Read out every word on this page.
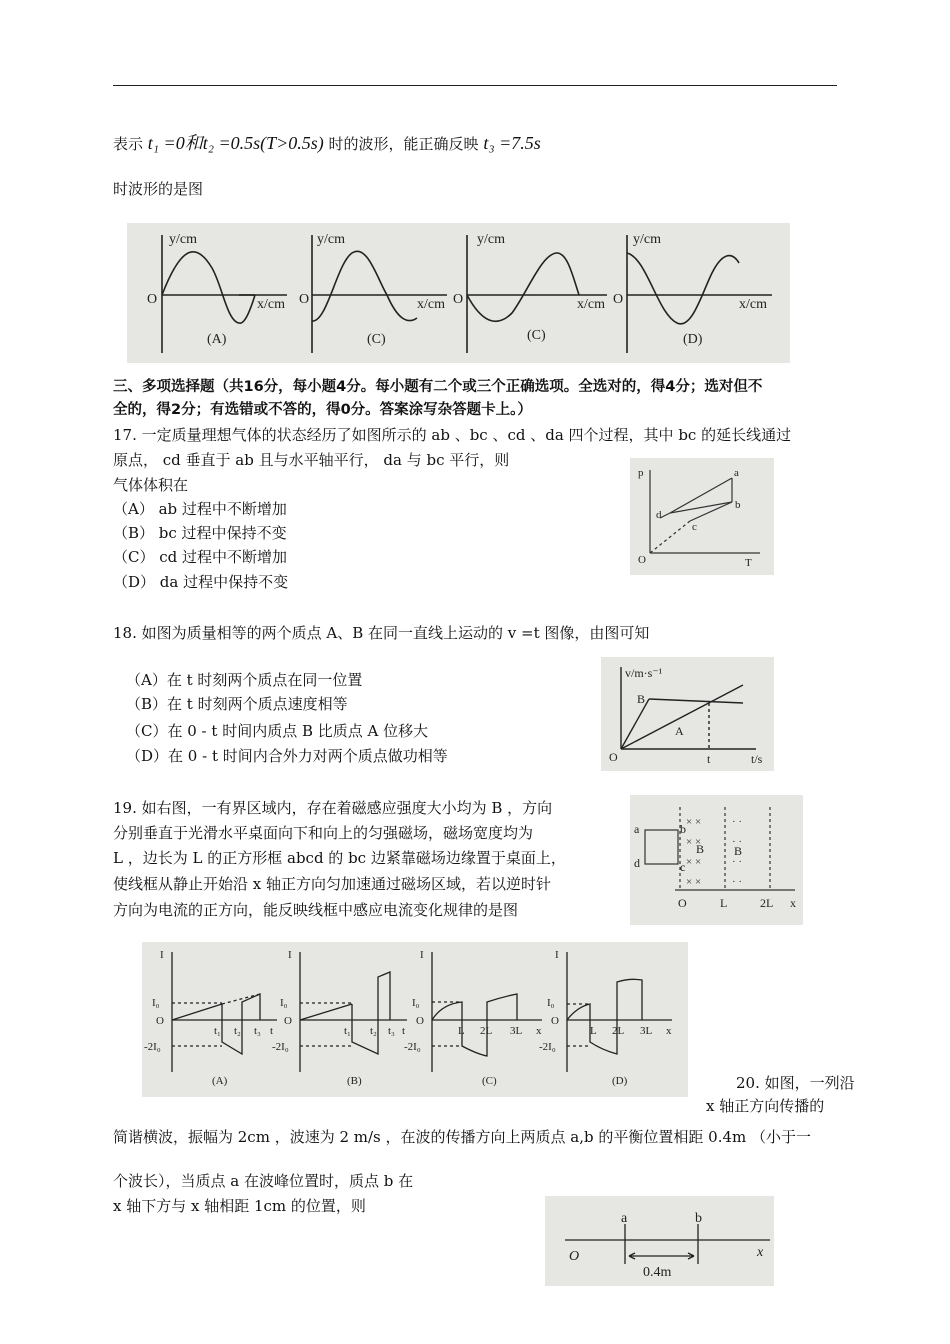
表示 t₁ =0和t₂ =0.5s(T>0.5s) 时的波形，能正确反映 t₃ =7.5s
时波形的是图
y/cm
O	x/cm
(A)
y/cm
O	x/cm
(C)
y/cm
O	x/cm
(C)
y/cm
O	x/cm
(D)
三、多项选择题（共16分，每小题4分。每小题有二个或三个正确选项。全选对的，得4分；选对但不
全的，得2分；有选错或不答的，得0分。答案涂写杂答题卡上。）
17. 一定质量理想气体的状态经历了如图所示的 ab 、bc 、cd 、da 四个过程，其中 bc 的延长线通过
原点， cd 垂直于 ab 且与水平轴平行， da 与 bc 平行，则
气体体积在
（A） ab 过程中不断增加
（B） bc 过程中保持不变
（C） cd 过程中不断增加
（D） da 过程中保持不变
p
T
O
a
b
c
d
18. 如图为质量相等的两个质点 A、B 在同一直线上运动的 v =t 图像，由图可知
（A）在 t 时刻两个质点在同一位置
（B）在 t 时刻两个质点速度相等
（C）在 0 - t 时间内质点 B 比质点 A 位移大
（D）在 0 - t 时间内合外力对两个质点做功相等
v/m·s⁻¹
t/s
O	t
A
B
19. 如右图，一有界区域内，存在着磁感应强度大小均为 B ，方向
分别垂直于光滑水平桌面向下和向上的匀强磁场，磁场宽度均为
L ，边长为 L 的正方形框 abcd 的 bc 边紧靠磁场边缘置于桌面上，
使线框从静止开始沿 x 轴正方向匀加速通过磁场区域，若以逆时针
方向为电流的正方向，能反映线框中感应电流变化规律的是图
× ×
× ×
× ×
× ×
· ·
· ·
· ·
· ·
O	L	2L x
B B
a	b
c
d
I
I₀
O
-2I₀
t₁ t₂ t₃ t
(A)
I
I₀
O
-2I₀
t₁ t₂ t₃ t
(B)
I
I₀
O
-2I₀
L 2L 3L x
(C)
I
I₀
O
-2I₀
L 2L 3L x
(D)	20. 如图，一列沿
x 轴正方向传播的
简谐横波，振幅为 2cm ，波速为 2 m/s ，在波的传播方向上两质点 a,b 的平衡位置相距 0.4m （小于一
个波长），当质点 a 在波峰位置时，质点 b 在
x 轴下方与 x 轴相距 1cm 的位置，则
O
a	b
x
0.4m
